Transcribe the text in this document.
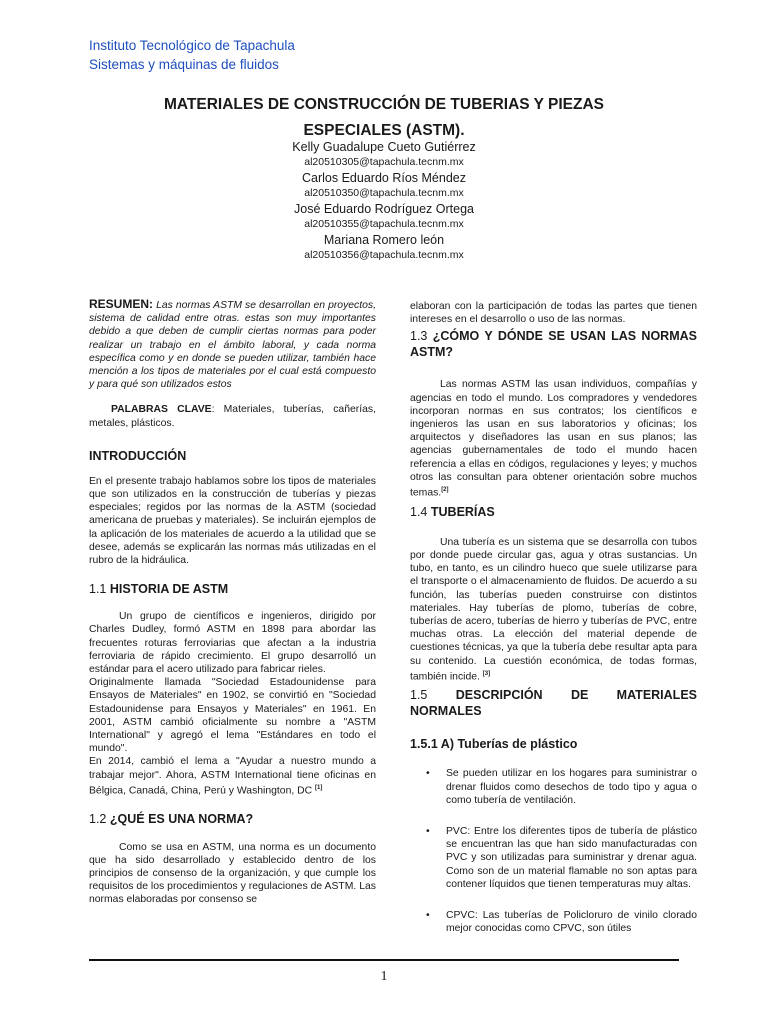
Instituto Tecnológico de Tapachula
Sistemas y máquinas de fluidos
MATERIALES DE CONSTRUCCIÓN DE TUBERIAS Y PIEZAS
ESPECIALES (ASTM).
Kelly Guadalupe Cueto Gutiérrez
al20510305@tapachula.tecnm.mx
Carlos Eduardo Ríos Méndez
al20510350@tapachula.tecnm.mx
José Eduardo Rodríguez Ortega
al20510355@tapachula.tecnm.mx
Mariana Romero león
al20510356@tapachula.tecnm.mx

RESUMEN: Las normas ASTM se desarrollan en proyectos, sistema de calidad entre otras. estas son muy importantes debido a que deben de cumplir ciertas normas para poder realizar un trabajo en el ámbito laboral, y cada norma específica como y en donde se pueden utilizar, también hace mención a los tipos de materiales por el cual está compuesto y para qué son utilizados estos

PALABRAS CLAVE: Materiales, tuberías, cañerías, metales, plásticos.

INTRODUCCIÓN

En el presente trabajo hablamos sobre los tipos de materiales que son utilizados en la construcción de tuberías y piezas especiales; regidos por las normas de la ASTM (sociedad americana de pruebas y materiales). Se incluirán ejemplos de la aplicación de los materiales de acuerdo a la utilidad que se desee, además se explicarán las normas más utilizadas en el rubro de la hidráulica.

1.1 HISTORIA DE ASTM

Un grupo de científicos e ingenieros, dirigido por Charles Dudley, formó ASTM en 1898 para abordar las frecuentes roturas ferroviarias que afectan a la industria ferroviaria de rápido crecimiento. El grupo desarrolló un estándar para el acero utilizado para fabricar rieles.

Originalmente llamada "Sociedad Estadounidense para Ensayos de Materiales" en 1902, se convirtió en "Sociedad Estadounidense para Ensayos y Materiales" en 1961. En 2001, ASTM cambió oficialmente su nombre a "ASTM International" y agregó el lema "Estándares en todo el mundo".

En 2014, cambió el lema a "Ayudar a nuestro mundo a trabajar mejor". Ahora, ASTM International tiene oficinas en Bélgica, Canadá, China, Perú y Washington, DC [1]

1.2 ¿QUÉ ES UNA NORMA?

Como se usa en ASTM, una norma es un documento que ha sido desarrollado y establecido dentro de los principios de consenso de la organización, y que cumple los requisitos de los procedimientos y regulaciones de ASTM. Las normas elaboradas por consenso se

elaboran con la participación de todas las partes que tienen intereses en el desarrollo o uso de las normas.

1.3 ¿CÓMO Y DÓNDE SE USAN LAS NORMAS ASTM?

Las normas ASTM las usan individuos, compañías y agencias en todo el mundo. Los compradores y vendedores incorporan normas en sus contratos; los científicos e ingenieros las usan en sus laboratorios y oficinas; los arquitectos y diseñadores las usan en sus planos; las agencias gubernamentales de todo el mundo hacen referencia a ellas en códigos, regulaciones y leyes; y muchos otros las consultan para obtener orientación sobre muchos temas.[2]

1.4 TUBERÍAS

Una tubería es un sistema que se desarrolla con tubos por donde puede circular gas, agua y otras sustancias. Un tubo, en tanto, es un cilindro hueco que suele utilizarse para el transporte o el almacenamiento de fluidos. De acuerdo a su función, las tuberías pueden construirse con distintos materiales. Hay tuberías de plomo, tuberías de cobre, tuberías de acero, tuberías de hierro y tuberías de PVC, entre muchas otras. La elección del material depende de cuestiones técnicas, ya que la tubería debe resultar apta para su contenido. La cuestión económica, de todas formas, también incide. [3]

1.5 DESCRIPCIÓN DE MATERIALES NORMALES

1.5.1 A) Tuberías de plástico

• Se pueden utilizar en los hogares para suministrar o drenar fluidos como desechos de todo tipo y agua o como tubería de ventilación.
• PVC: Entre los diferentes tipos de tubería de plástico se encuentran las que han sido manufacturadas con PVC y son utilizadas para suministrar y drenar agua. Como son de un material flamable no son aptas para contener líquidos que tienen temperaturas muy altas.
• CPVC: Las tuberías de Policloruro de vinilo clorado mejor conocidas como CPVC, son útiles
1
